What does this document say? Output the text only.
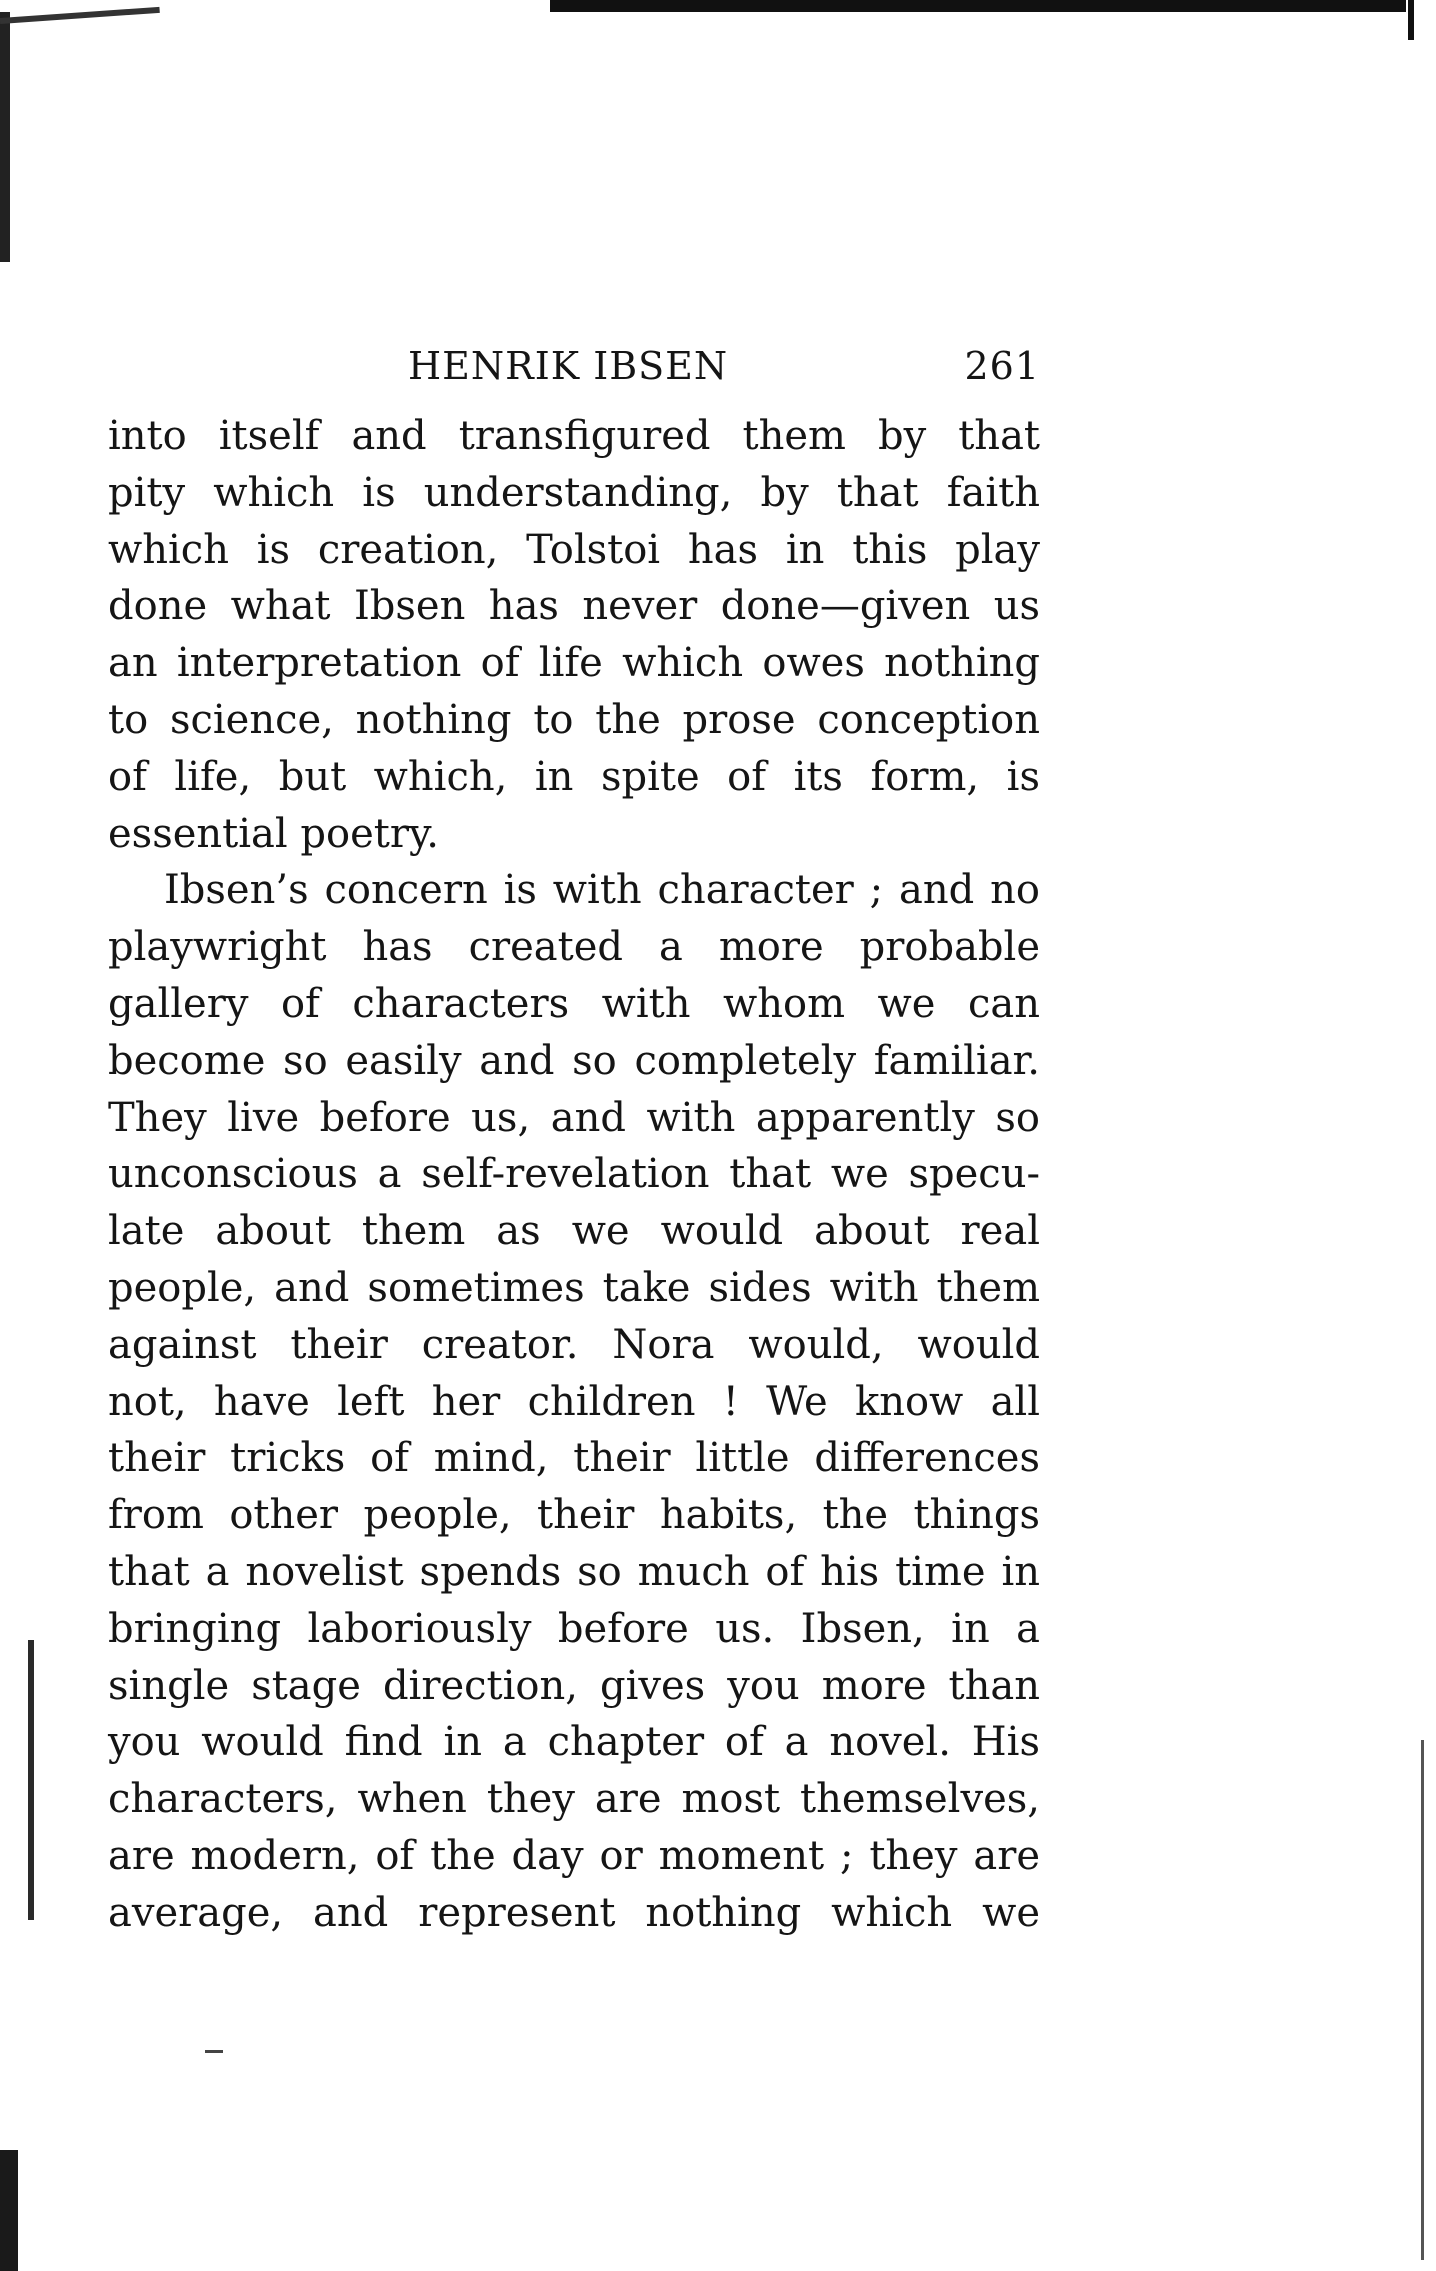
HENRIK IBSEN	261
into itself and transfigured them by that
pity which is understanding, by that faith
which is creation, Tolstoi has in this play
done what Ibsen has never done—given us
an interpretation of life which owes nothing
to science, nothing to the prose conception
of life, but which, in spite of its form, is
essential poetry.
Ibsen’s concern is with character ; and no
playwright has created a more probable
gallery of characters with whom we can
become so easily and so completely familiar.
They live before us, and with apparently so
unconscious a self-revelation that we specu-
late about them as we would about real
people, and sometimes take sides with them
against their creator. Nora would, would
not, have left her children ! We know all
their tricks of mind, their little differences
from other people, their habits, the things
that a novelist spends so much of his time in
bringing laboriously before us. Ibsen, in a
single stage direction, gives you more than
you would find in a chapter of a novel. His
characters, when they are most themselves,
are modern, of the day or moment ; they are
average, and represent nothing which we
